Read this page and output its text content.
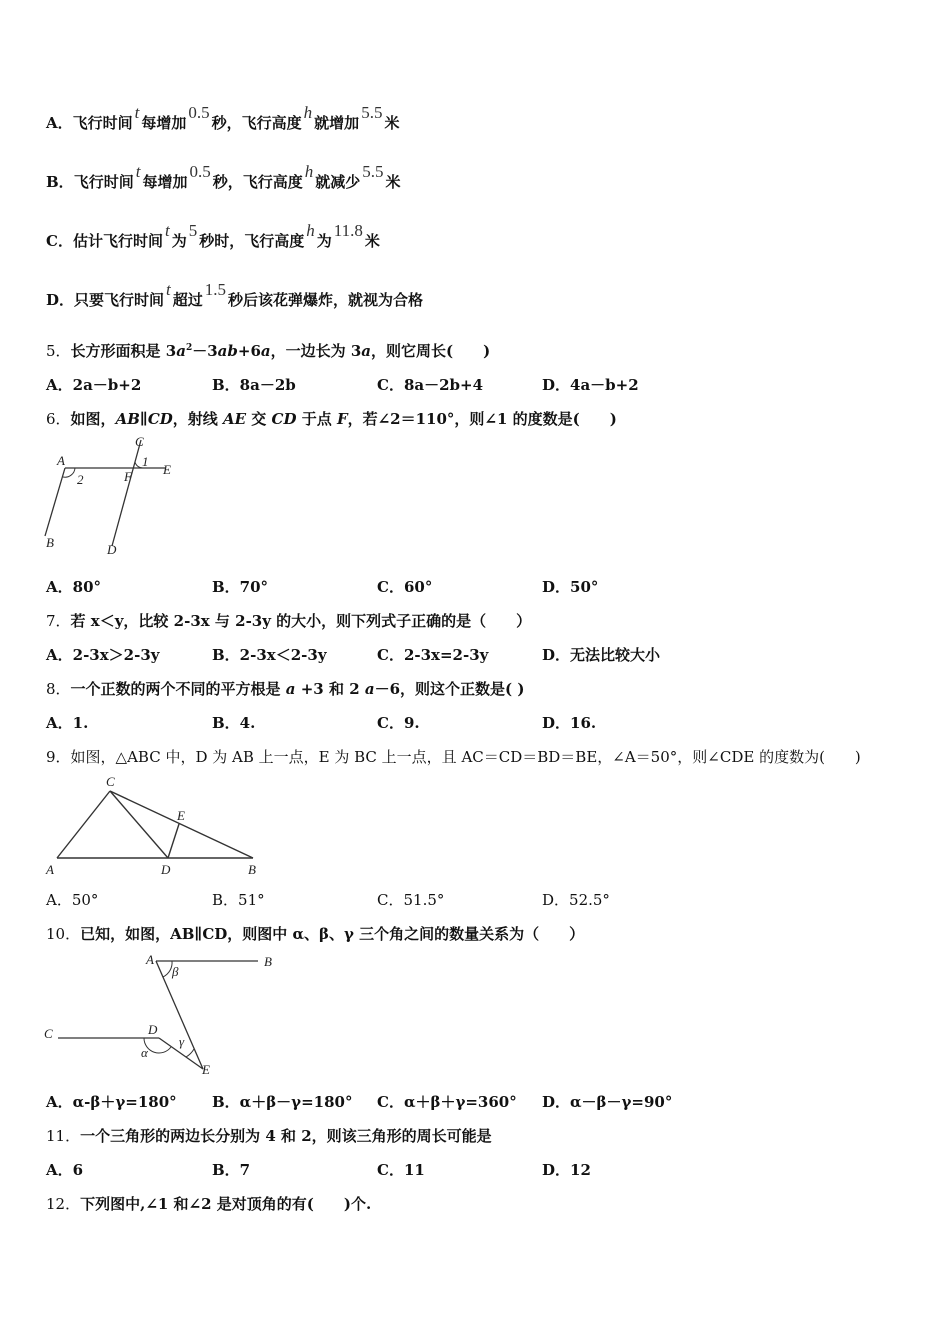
A．飞行时间t每增加0.5秒，飞行高度h就增加5.5米
B．飞行时间t每增加0.5秒，飞行高度h就减少5.5米
C．估计飞行时间t为5秒时，飞行高度h为11.8米
D．只要飞行时间t超过1.5秒后该花弹爆炸，就视为合格
5．长方形面积是 $3a^2-3ab+6a$，一边长为 3a，则它周长(　　)
A．2a－b+2	B．8a－2b	C．8a－2b+4	D．4a－b+2
6．如图，AB∥CD，射线 AE 交 CD 于点 F，若∠2＝110°，则∠1 的度数是(　　)
A
B
C
D
E
F
1
2
A．80°	B．70°	C．60°	D．50°
7．若 x＜y，比较 2-3x 与 2-3y 的大小，则下列式子正确的是（　　）
A．2-3x＞2-3y	B．2-3x＜2-3y	C．2-3x=2-3y	D．无法比较大小
8．一个正数的两个不同的平方根是 a +3 和 2 a－6，则这个正数是( )
A．1.	B．4.	C．9.	D．16.
9．如图，△ABC 中，D 为 AB 上一点，E 为 BC 上一点，且 AC＝CD＝BD＝BE，∠A＝50°，则∠CDE 的度数为(　　)
A	B
C
D
E
A．50°	B．51°	C．51.5°	D．52.5°
10．已知，如图，AB∥CD，则图中 α、β、γ 三个角之间的数量关系为（　　）
A	B
C	D
E
α
β
γ
A．α-β＋γ=180° B．α＋β－γ=180° C．α＋β＋γ=360° D．α－β－γ=90°
11．一个三角形的两边长分别为 4 和 2，则该三角形的周长可能是
A．6	B．7	C．11	D．12
12．下列图中,∠1 和∠2 是对顶角的有(　　)个.
